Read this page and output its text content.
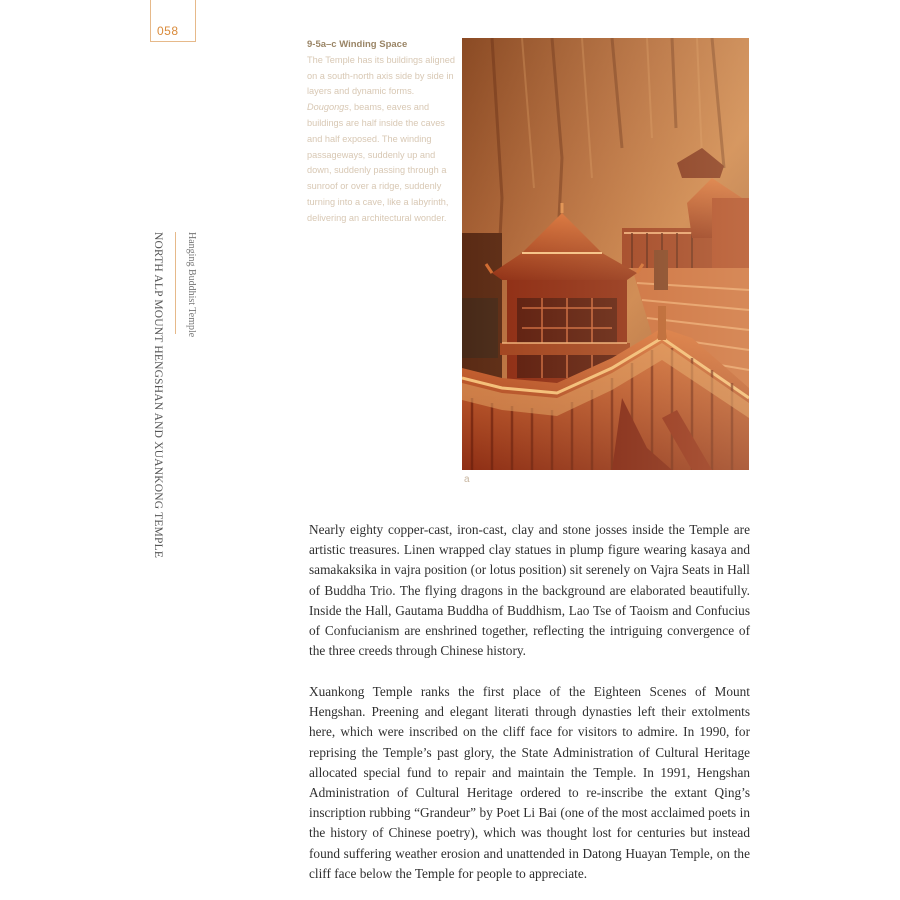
058
NORTH ALP MOUNT HENGSHAN AND XUANKONG TEMPLE Hanging Buddhist Temple
9-5a–c Winding Space

The Temple has its buildings aligned on a south-north axis side by side in layers and dynamic forms. Dougongs, beams, eaves and buildings are half inside the caves and half exposed. The winding passageways, suddenly up and down, suddenly passing through a sunroof or over a ridge, suddenly turning into a cave, like a labyrinth, delivering an architectural wonder.

a

Nearly eighty copper-cast, iron-cast, clay and stone josses inside the Temple are artistic treasures. Linen wrapped clay statues in plump figure wearing kasaya and samakaksika in vajra position (or lotus position) sit serenely on Vajra Seats in Hall of Buddha Trio. The flying dragons in the background are elaborated beautifully. Inside the Hall, Gautama Buddha of Buddhism, Lao Tse of Taoism and Confucius of Confucianism are enshrined together, reflecting the intriguing convergence of the three creeds through Chinese history.

Xuankong Temple ranks the first place of the Eighteen Scenes of Mount Hengshan. Preening and elegant literati through dynasties left their extolments here, which were inscribed on the cliff face for visitors to admire. In 1990, for reprising the Temple’s past glory, the State Administration of Cultural Heritage allocated special fund to repair and maintain the Temple. In 1991, Hengshan Administration of Cultural Heritage ordered to re-inscribe the extant Qing’s inscription rubbing “Grandeur” by Poet Li Bai (one of the most acclaimed poets in the history of Chinese poetry), which was thought lost for centuries but instead found suffering weather erosion and unattended in Datong Huayan Temple, on the cliff face below the Temple for people to appreciate.
